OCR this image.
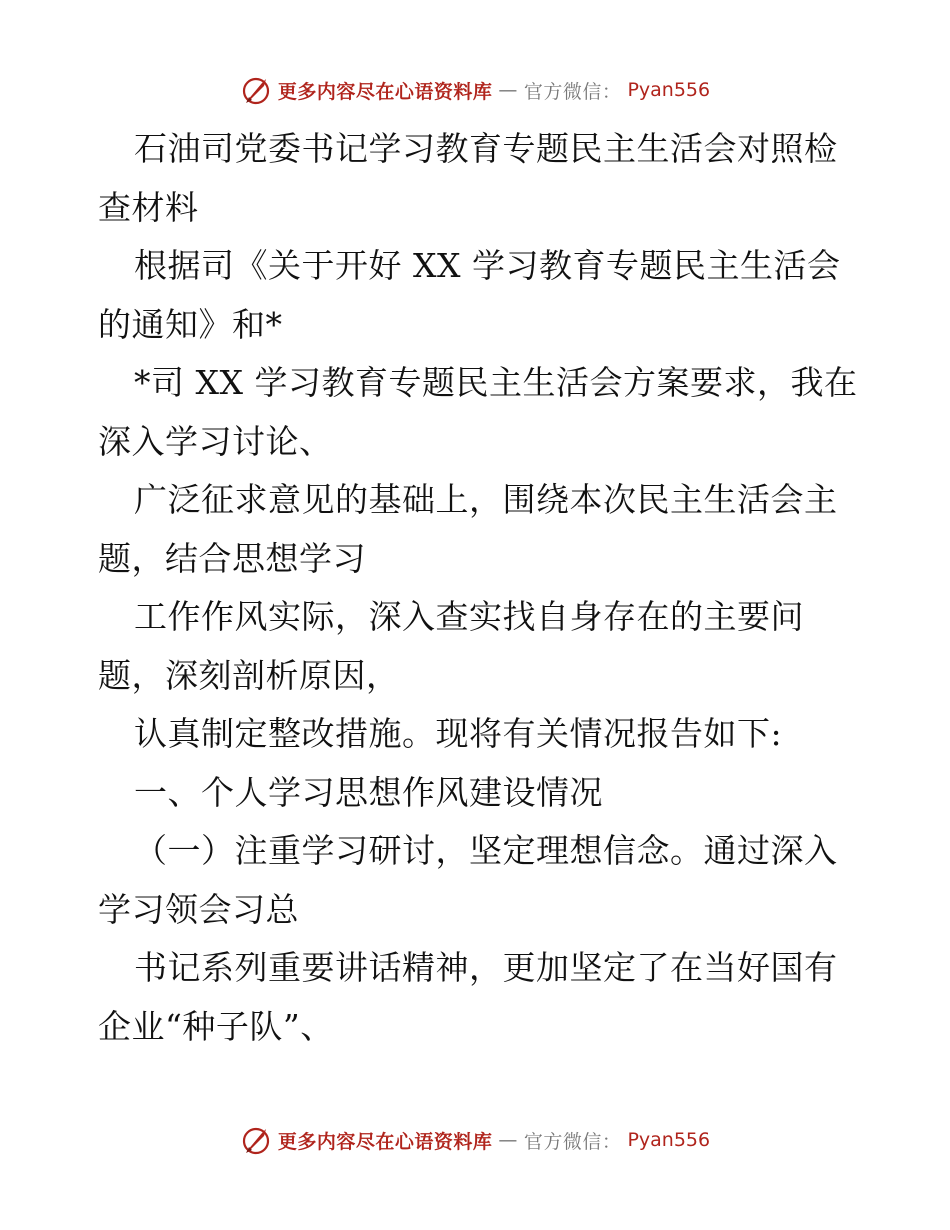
更多内容尽在心语资料库 — 官方微信： Pyan556

石油司党委书记学习教育专题民主生活会对照检查材料

根据司《关于开好 XX 学习教育专题民主生活会的通知》和*

*司 XX 学习教育专题民主生活会方案要求，我在深入学习讨论、

广泛征求意见的基础上，围绕本次民主生活会主题，结合思想学习

工作作风实际，深入查实找自身存在的主要问题，深刻剖析原因，

认真制定整改措施。现将有关情况报告如下:

一、个人学习思想作风建设情况

（一）注重学习研讨，坚定理想信念。通过深入学习领会习总

书记系列重要讲话精神，更加坚定了在当好国有企业“种子队”、

更多内容尽在心语资料库 — 官方微信： Pyan556
